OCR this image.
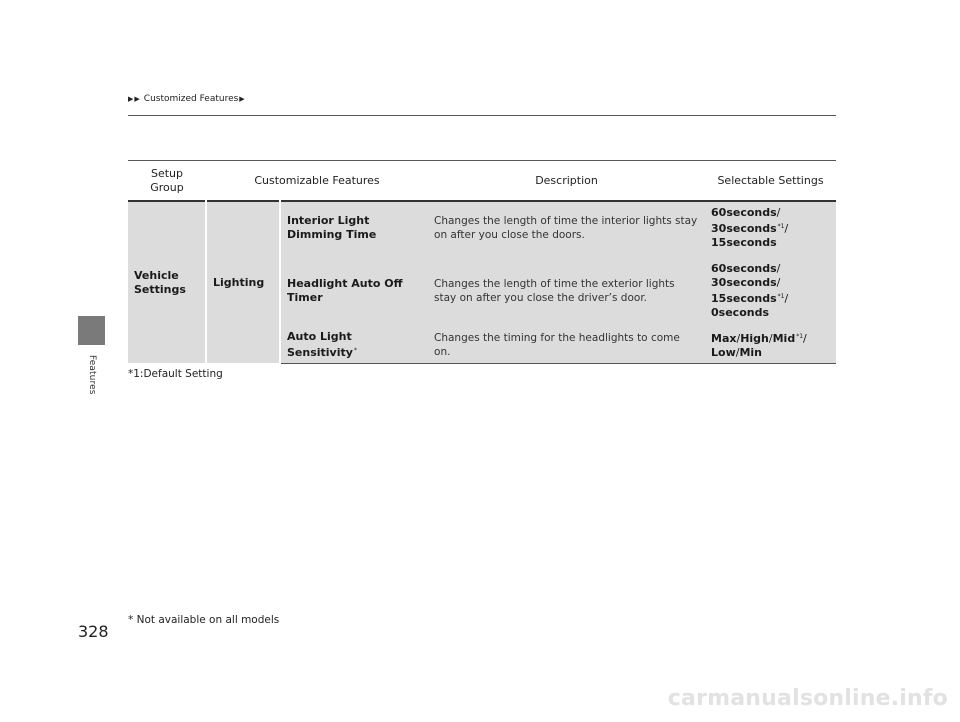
Features
▶ ▶ Customized Features ▶
Setup Group	Customizable Features		Description	Selectable Settings
Vehicle Settings	Lighting	Interior Light Dimming Time	Changes the length of time the interior lights stay on after you close the doors.	60seconds/
30seconds$^{*1}$/
15seconds

		Headlight Auto Off Timer	Changes the length of time the exterior lights stay on after you close the driver’s door.	60seconds/
30seconds/
15seconds$^{*1}$/
0seconds

		Auto Light Sensitivity*	Changes the timing for the headlights to come on.	Max/High/Mid$^{*1}$/
Low/Min
*1:Default Setting
328
* Not available on all models
carmanualsonline.info
